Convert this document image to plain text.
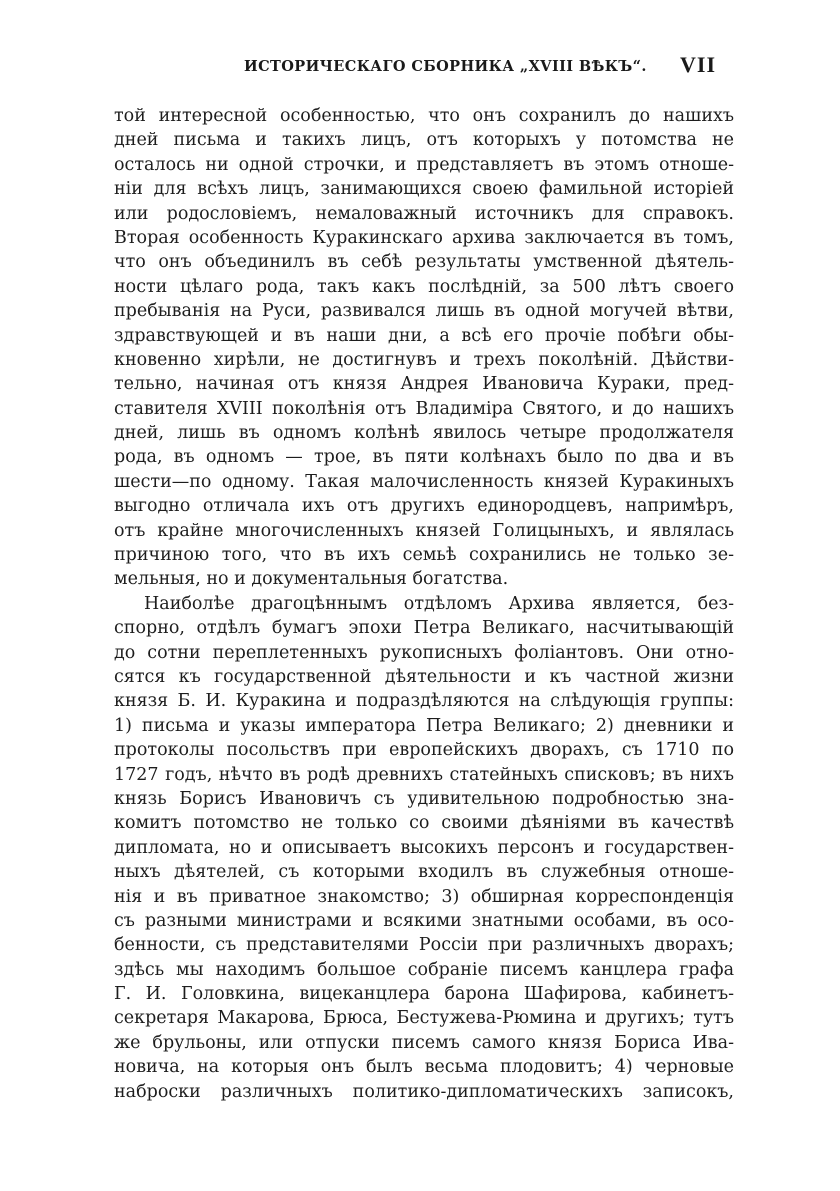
ИСТОРИЧЕСКАГО СБОРНИКА „XVIII ВѢКЪ“. VII
той интересной особенностью, что онъ сохранилъ до нашихъ
дней письма и такихъ лицъ, отъ которыхъ у потомства не
осталось ни одной строчки, и представляетъ въ этомъ отноше-
ніи для всѣхъ лицъ, занимающихся своею фамильной исторіей
или родословіемъ, немаловажный источникъ для справокъ.
Вторая особенность Куракинскаго архива заключается въ томъ,
что онъ объединилъ въ себѣ результаты умственной дѣятель-
ности цѣлаго рода, такъ какъ послѣдній, за 500 лѣтъ своего
пребыванія на Руси, развивался лишь въ одной могучей вѣтви,
здравствующей и въ наши дни, а всѣ его прочіе побѣги обы-
кновенно хирѣли, не достигнувъ и трехъ поколѣній. Дѣйстви-
тельно, начиная отъ князя Андрея Ивановича Кураки, пред-
ставителя XVIII поколѣнія отъ Владиміра Святого, и до нашихъ
дней, лишь въ одномъ колѣнѣ явилось четыре продолжателя
рода, въ одномъ — трое, въ пяти колѣнахъ было по два и въ
шести—по одному. Такая малочисленность князей Куракиныхъ
выгодно отличала ихъ отъ другихъ единородцевъ, напримѣръ,
отъ крайне многочисленныхъ князей Голицыныхъ, и являлась
причиною того, что въ ихъ семьѣ сохранились не только зе-
мельныя, но и документальныя богатства.
Наиболѣе драгоцѣннымъ отдѣломъ Архива является, без-
спорно, отдѣлъ бумагъ эпохи Петра Великаго, насчитывающій
до сотни переплетенныхъ рукописныхъ фоліантовъ. Они отно-
сятся къ государственной дѣятельности и къ частной жизни
князя Б. И. Куракина и подраздѣляются на слѣдующія группы:
1) письма и указы императора Петра Великаго; 2) дневники и
протоколы посольствъ при европейскихъ дворахъ, съ 1710 по
1727 годъ, нѣчто въ родѣ древнихъ статейныхъ списковъ; въ нихъ
князь Борисъ Ивановичъ съ удивительною подробностью зна-
комитъ потомство не только со своими дѣяніями въ качествѣ
дипломата, но и описываетъ высокихъ персонъ и государствен-
ныхъ дѣятелей, съ которыми входилъ въ служебныя отноше-
нія и въ приватное знакомство; 3) обширная корреспонденція
съ разными министрами и всякими знатными особами, въ осо-
бенности, съ представителями Россіи при различныхъ дворахъ;
здѣсь мы находимъ большое собраніе писемъ канцлера графа
Г. И. Головкина, вицеканцлера барона Шафирова, кабинетъ-
секретаря Макарова, Брюса, Бестужева-Рюмина и другихъ; тутъ
же брульоны, или отпуски писемъ самого князя Бориса Ива-
новича, на которыя онъ былъ весьма плодовитъ; 4) черновые
наброски различныхъ политико-дипломатическихъ записокъ,
